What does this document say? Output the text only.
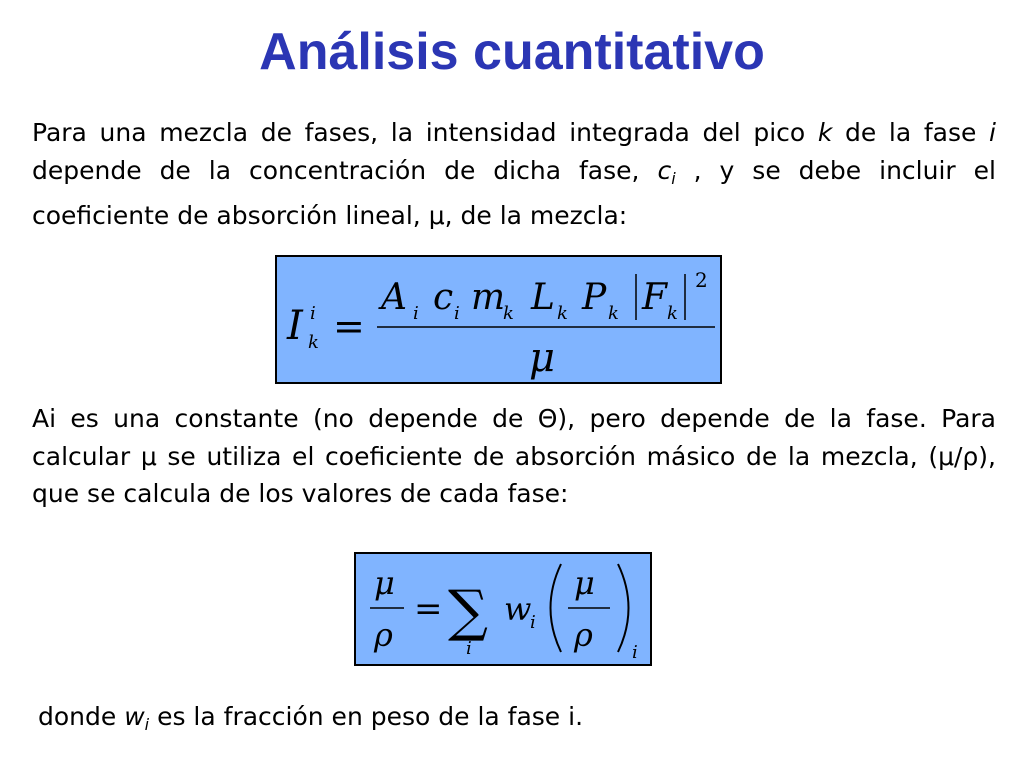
Análisis cuantitativo

Para una mezcla de fases, la intensidad integrada del pico k de la fase i depende de la concentración de dicha fase, $c_i$ , y se debe incluir el coeficiente de absorción lineal, μ, de la mezcla:

I i
k =
A i c i m
k L k P k F k
2
μ

Ai es una constante (no depende de Θ), pero depende de la fase. Para calcular μ se utiliza el coeficiente de absorción másico de la mezcla, (μ/ρ), que se calcula de los valores de cada fase:

μ
ρ
= ∑
i
w
i
μ
ρ i

donde $w_i$ es la fracción en peso de la fase i.
